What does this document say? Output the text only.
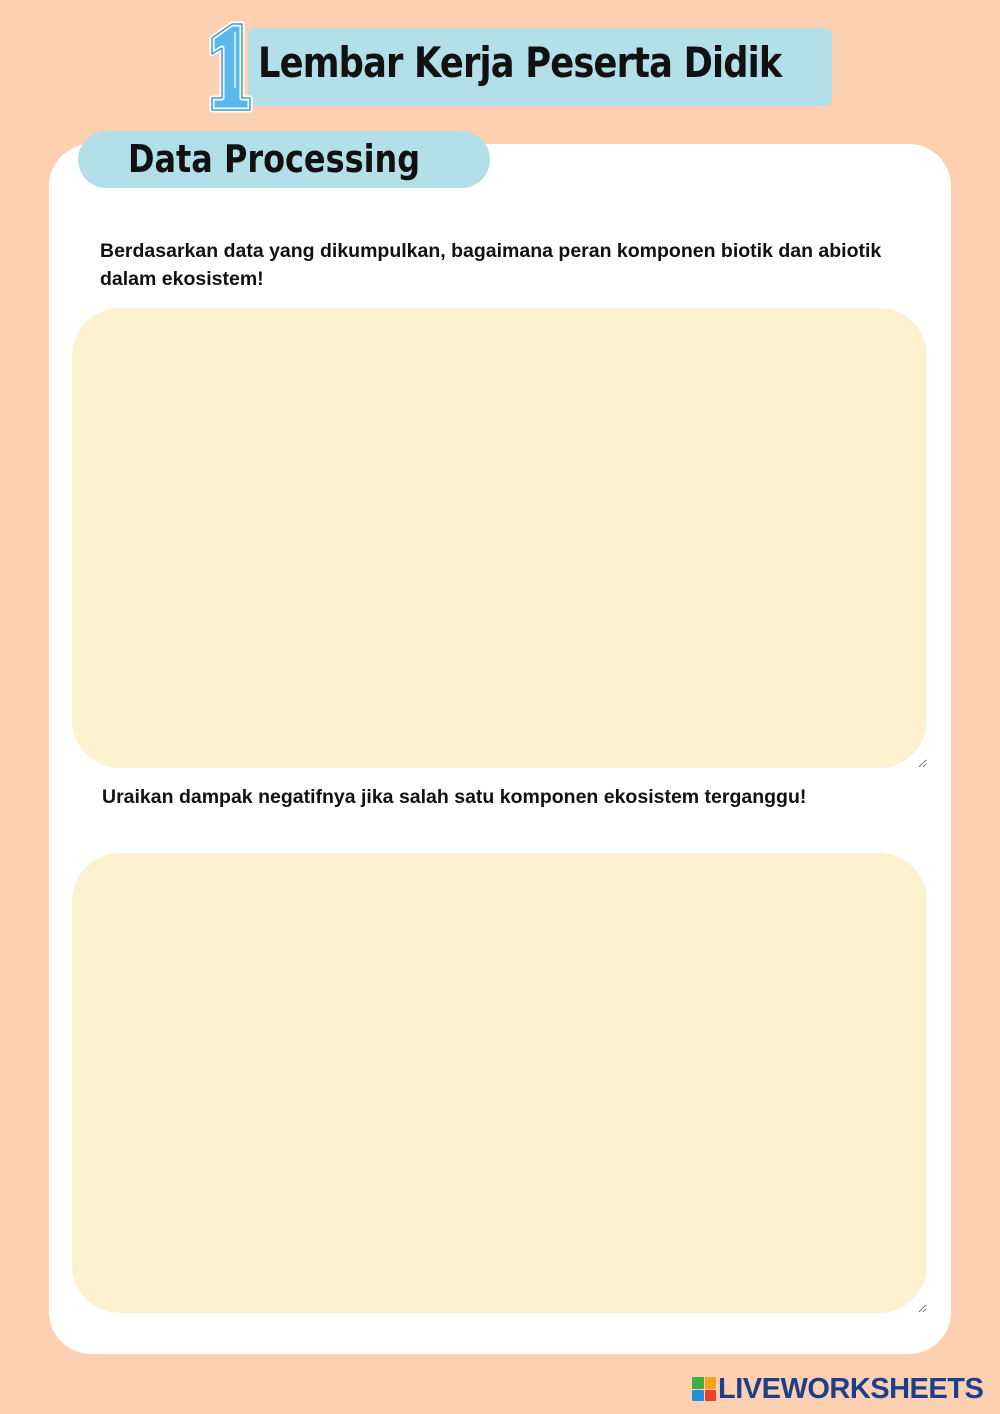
Lembar Kerja Peserta Didik
Data Processing
Berdasarkan data yang dikumpulkan, bagaimana peran komponen biotik dan abiotik dalam ekosistem!
Uraikan dampak negatifnya jika salah satu komponen ekosistem terganggu!
LIVEWORKSHEETS
